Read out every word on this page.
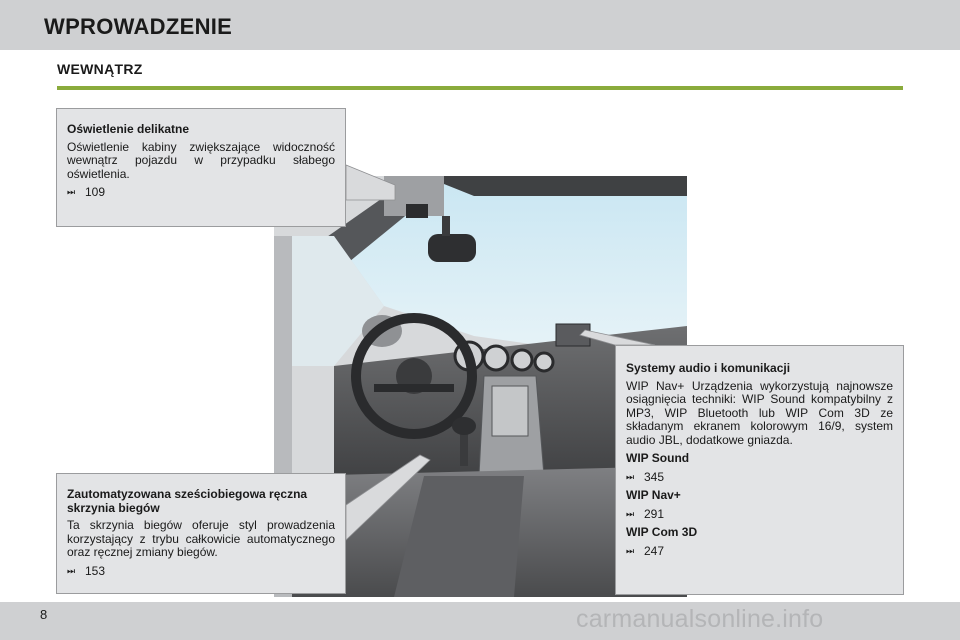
WPROWADZENIE
WEWNĄTRZ
Oświetlenie delikatne
Oświetlenie kabiny zwiększające widoczność wewnątrz pojazdu w przypadku słabego oświetlenia.
⏭ 109
Zautomatyzowana sześciobiegowa ręczna skrzynia biegów
Ta skrzynia biegów oferuje styl prowadzenia korzystający z trybu całkowicie automatycznego oraz ręcznej zmiany biegów.
⏭ 153
Systemy audio i komunikacji
WIP Nav+ Urządzenia wykorzystują najnowsze osiągnięcia techniki: WIP Sound kompatybilny z MP3, WIP Bluetooth lub WIP Com 3D ze składanym ekranem kolorowym 16/9, system audio JBL, dodatkowe gniazda.
WIP Sound
⏭ 345
WIP Nav+
⏭ 291
WIP Com 3D
⏭ 247
8	carmanualsonline.info
